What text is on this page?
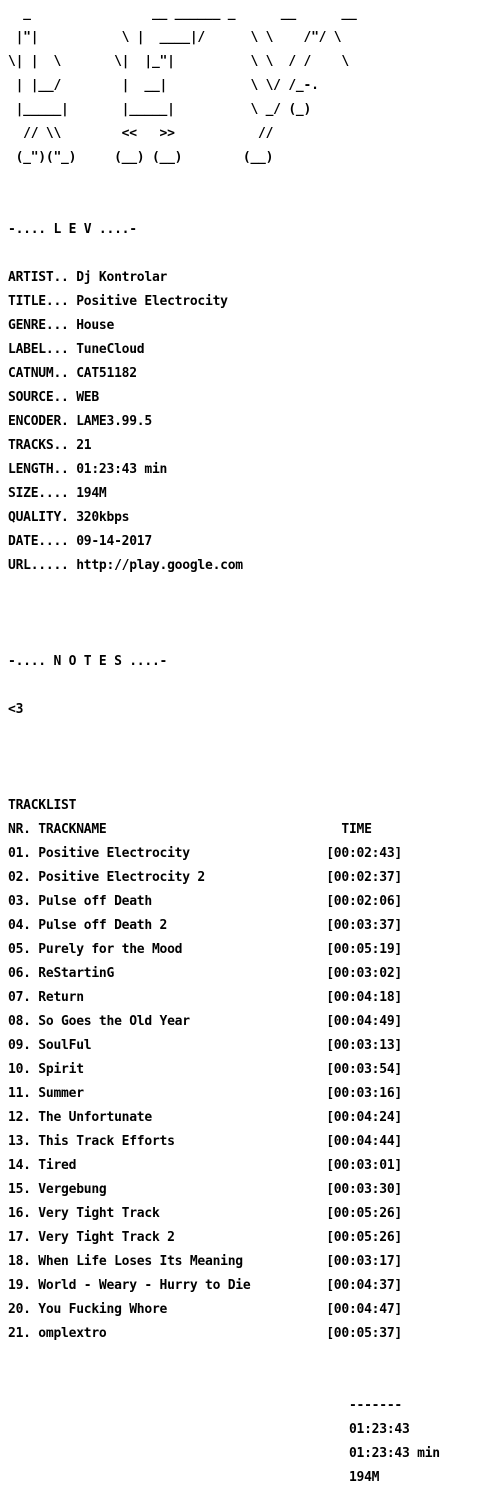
_                __ ______ _      __      __

|"|           \ |  ____|/      \ \    /"/ \

\| |  \       \|  |_"|          \ \  / /    \

| |__/        |  __|           \ \/ /_-.

|_____|       |_____|          \ _/ (_)

// \\        <<   >>           //

(_")("_)     (__) (__)        (__)

-.... L E V ....-

ARTIST.. Dj Kontrolar

TITLE... Positive Electrocity

GENRE... House

LABEL... TuneCloud

CATNUM.. CAT51182

SOURCE.. WEB

ENCODER. LAME3.99.5

TRACKS.. 21

LENGTH.. 01:23:43 min

SIZE.... 194M

QUALITY. 320kbps

DATE.... 09-14-2017

URL..... http://play.google.com

-.... N O T E S ....-

<3

TRACKLIST

NR. TRACKNAME                               TIME

01. Positive Electrocity                  [00:02:43]

02. Positive Electrocity 2                [00:02:37]

03. Pulse off Death                       [00:02:06]

04. Pulse off Death 2                     [00:03:37]

05. Purely for the Mood                   [00:05:19]

06. ReStartinG                            [00:03:02]

07. Return                                [00:04:18]

08. So Goes the Old Year                  [00:04:49]

09. SoulFul                               [00:03:13]

10. Spirit                                [00:03:54]

11. Summer                                [00:03:16]

12. The Unfortunate                       [00:04:24]

13. This Track Efforts                    [00:04:44]

14. Tired                                 [00:03:01]

15. Vergebung                             [00:03:30]

16. Very Tight Track                      [00:05:26]

17. Very Tight Track 2                    [00:05:26]

18. When Life Loses Its Meaning           [00:03:17]

19. World - Weary - Hurry to Die          [00:04:37]

20. You Fucking Whore                     [00:04:47]

21. omplextro                             [00:05:37]

-------

01:23:43

01:23:43 min

194M
